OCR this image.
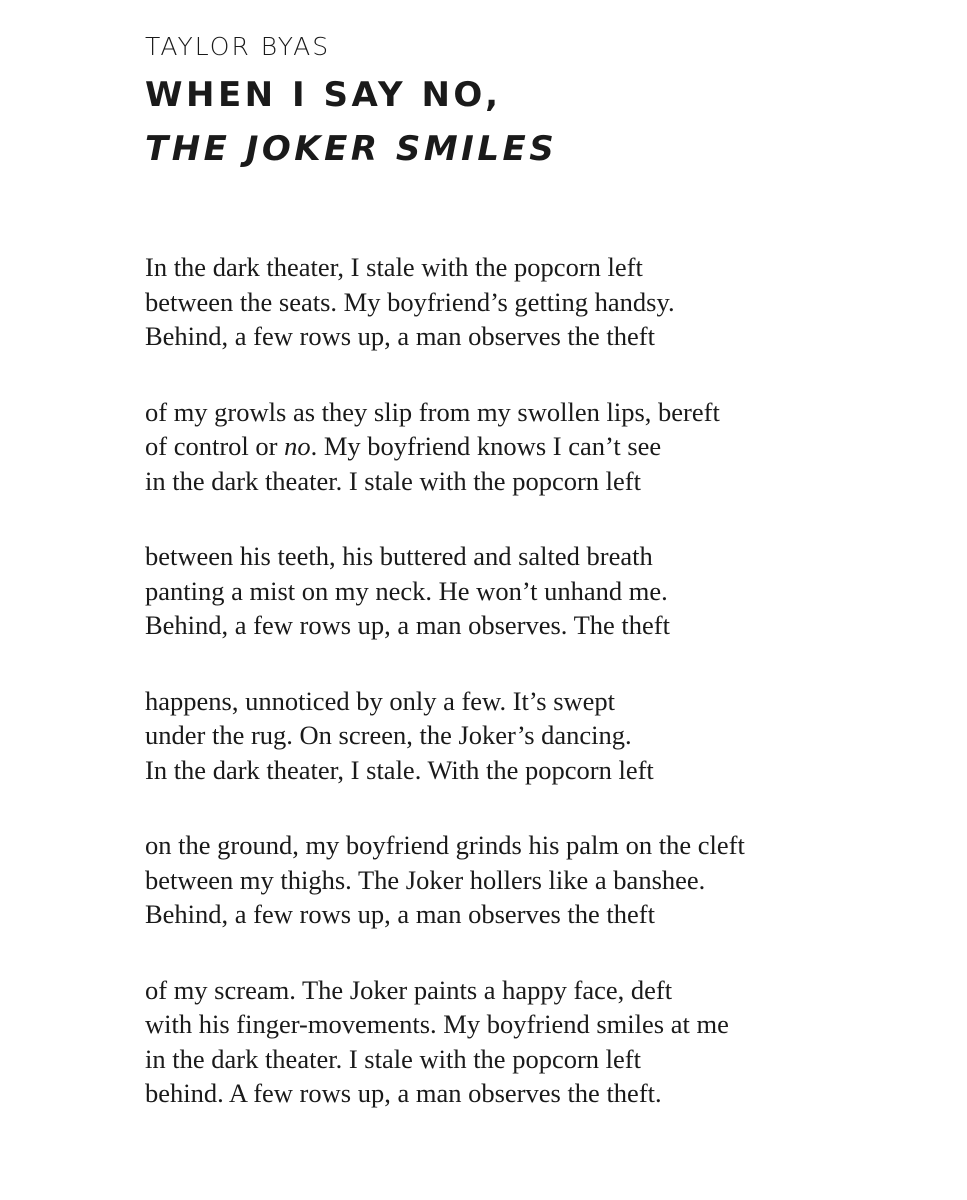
TAYLOR BYAS

WHEN I SAY NO,
THE JOKER SMILES
In the dark theater, I stale with the popcorn left
between the seats. My boyfriend’s getting handsy.
Behind, a few rows up, a man observes the theft
of my growls as they slip from my swollen lips, bereft
of control or no. My boyfriend knows I can’t see
in the dark theater. I stale with the popcorn left
between his teeth, his buttered and salted breath
panting a mist on my neck. He won’t unhand me.
Behind, a few rows up, a man observes. The theft
happens, unnoticed by only a few. It’s swept
under the rug. On screen, the Joker’s dancing.
In the dark theater, I stale. With the popcorn left
on the ground, my boyfriend grinds his palm on the cleft
between my thighs. The Joker hollers like a banshee.
Behind, a few rows up, a man observes the theft
of my scream. The Joker paints a happy face, deft
with his finger-movements. My boyfriend smiles at me
in the dark theater. I stale with the popcorn left
behind. A few rows up, a man observes the theft.
